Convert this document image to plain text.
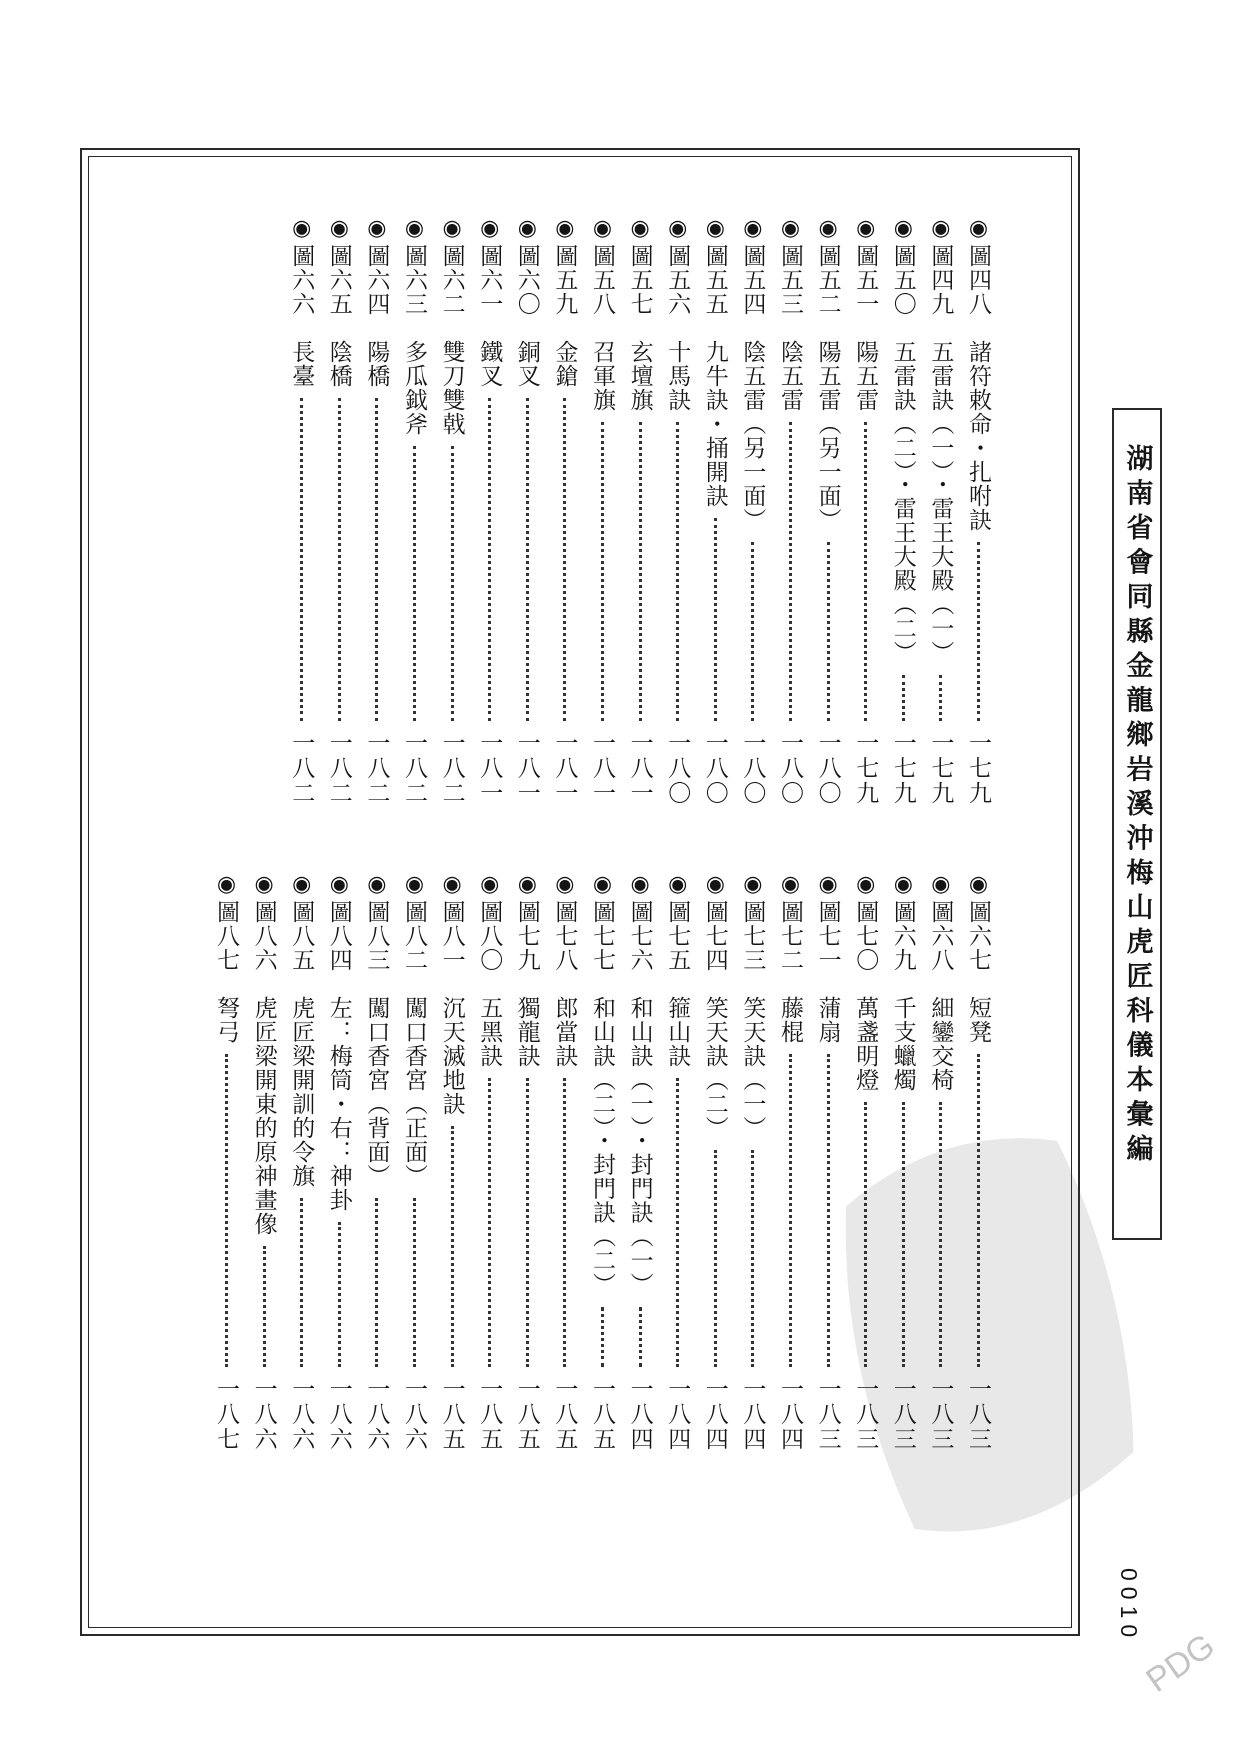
湖南省會同縣金龍鄉岩溪沖梅山虎匠科儀本彙編
0010
PDG
◉
圖四八
諸符敕命・扎咐訣
一七九
◉
圖四九
五雷訣（一）・雷王大殿（一）
一七九
◉
圖五〇
五雷訣（二）・雷王大殿（二）
一七九
◉
圖五一
陽五雷
一七九
◉
圖五二
陽五雷（另一面）
一八〇
◉
圖五三
陰五雷
一八〇
◉
圖五四
陰五雷（另一面）
一八〇
◉
圖五五
九牛訣・捅開訣
一八〇
◉
圖五六
十馬訣
一八〇
◉
圖五七
玄壇旗
一八一
◉
圖五八
召軍旗
一八一
◉
圖五九
金鎗
一八一
◉
圖六〇
銅叉
一八一
◉
圖六一
鐵叉
一八一
◉
圖六二
雙刀雙戟
一八二
◉
圖六三
多瓜鉞斧
一八二
◉
圖六四
陽橋
一八二
◉
圖六五
陰橋
一八二
◉
圖六六
長臺
一八二
◉
圖六七
短凳
一八三
◉
圖六八
細鑾交椅
一八三
◉
圖六九
千支蠟燭
一八三
◉
圖七〇
萬盞明燈
一八三
◉
圖七一
蒲扇
一八三
◉
圖七二
藤棍
一八四
◉
圖七三
笑天訣（一）
一八四
◉
圖七四
笑天訣（二）
一八四
◉
圖七五
箍山訣
一八四
◉
圖七六
和山訣（一）・封門訣（一）
一八四
◉
圖七七
和山訣（二）・封門訣（二）
一八五
◉
圖七八
郎當訣
一八五
◉
圖七九
獨龍訣
一八五
◉
圖八〇
五黑訣
一八五
◉
圖八一
沉天滅地訣
一八五
◉
圖八二
闖口香宮（正面）
一八六
◉
圖八三
闖口香宮（背面）
一八六
◉
圖八四
左：梅筒・右：神卦
一八六
◉
圖八五
虎匠梁開訓的令旗
一八六
◉
圖八六
虎匠梁開東的原神畫像
一八六
◉
圖八七
弩弓
一八七
